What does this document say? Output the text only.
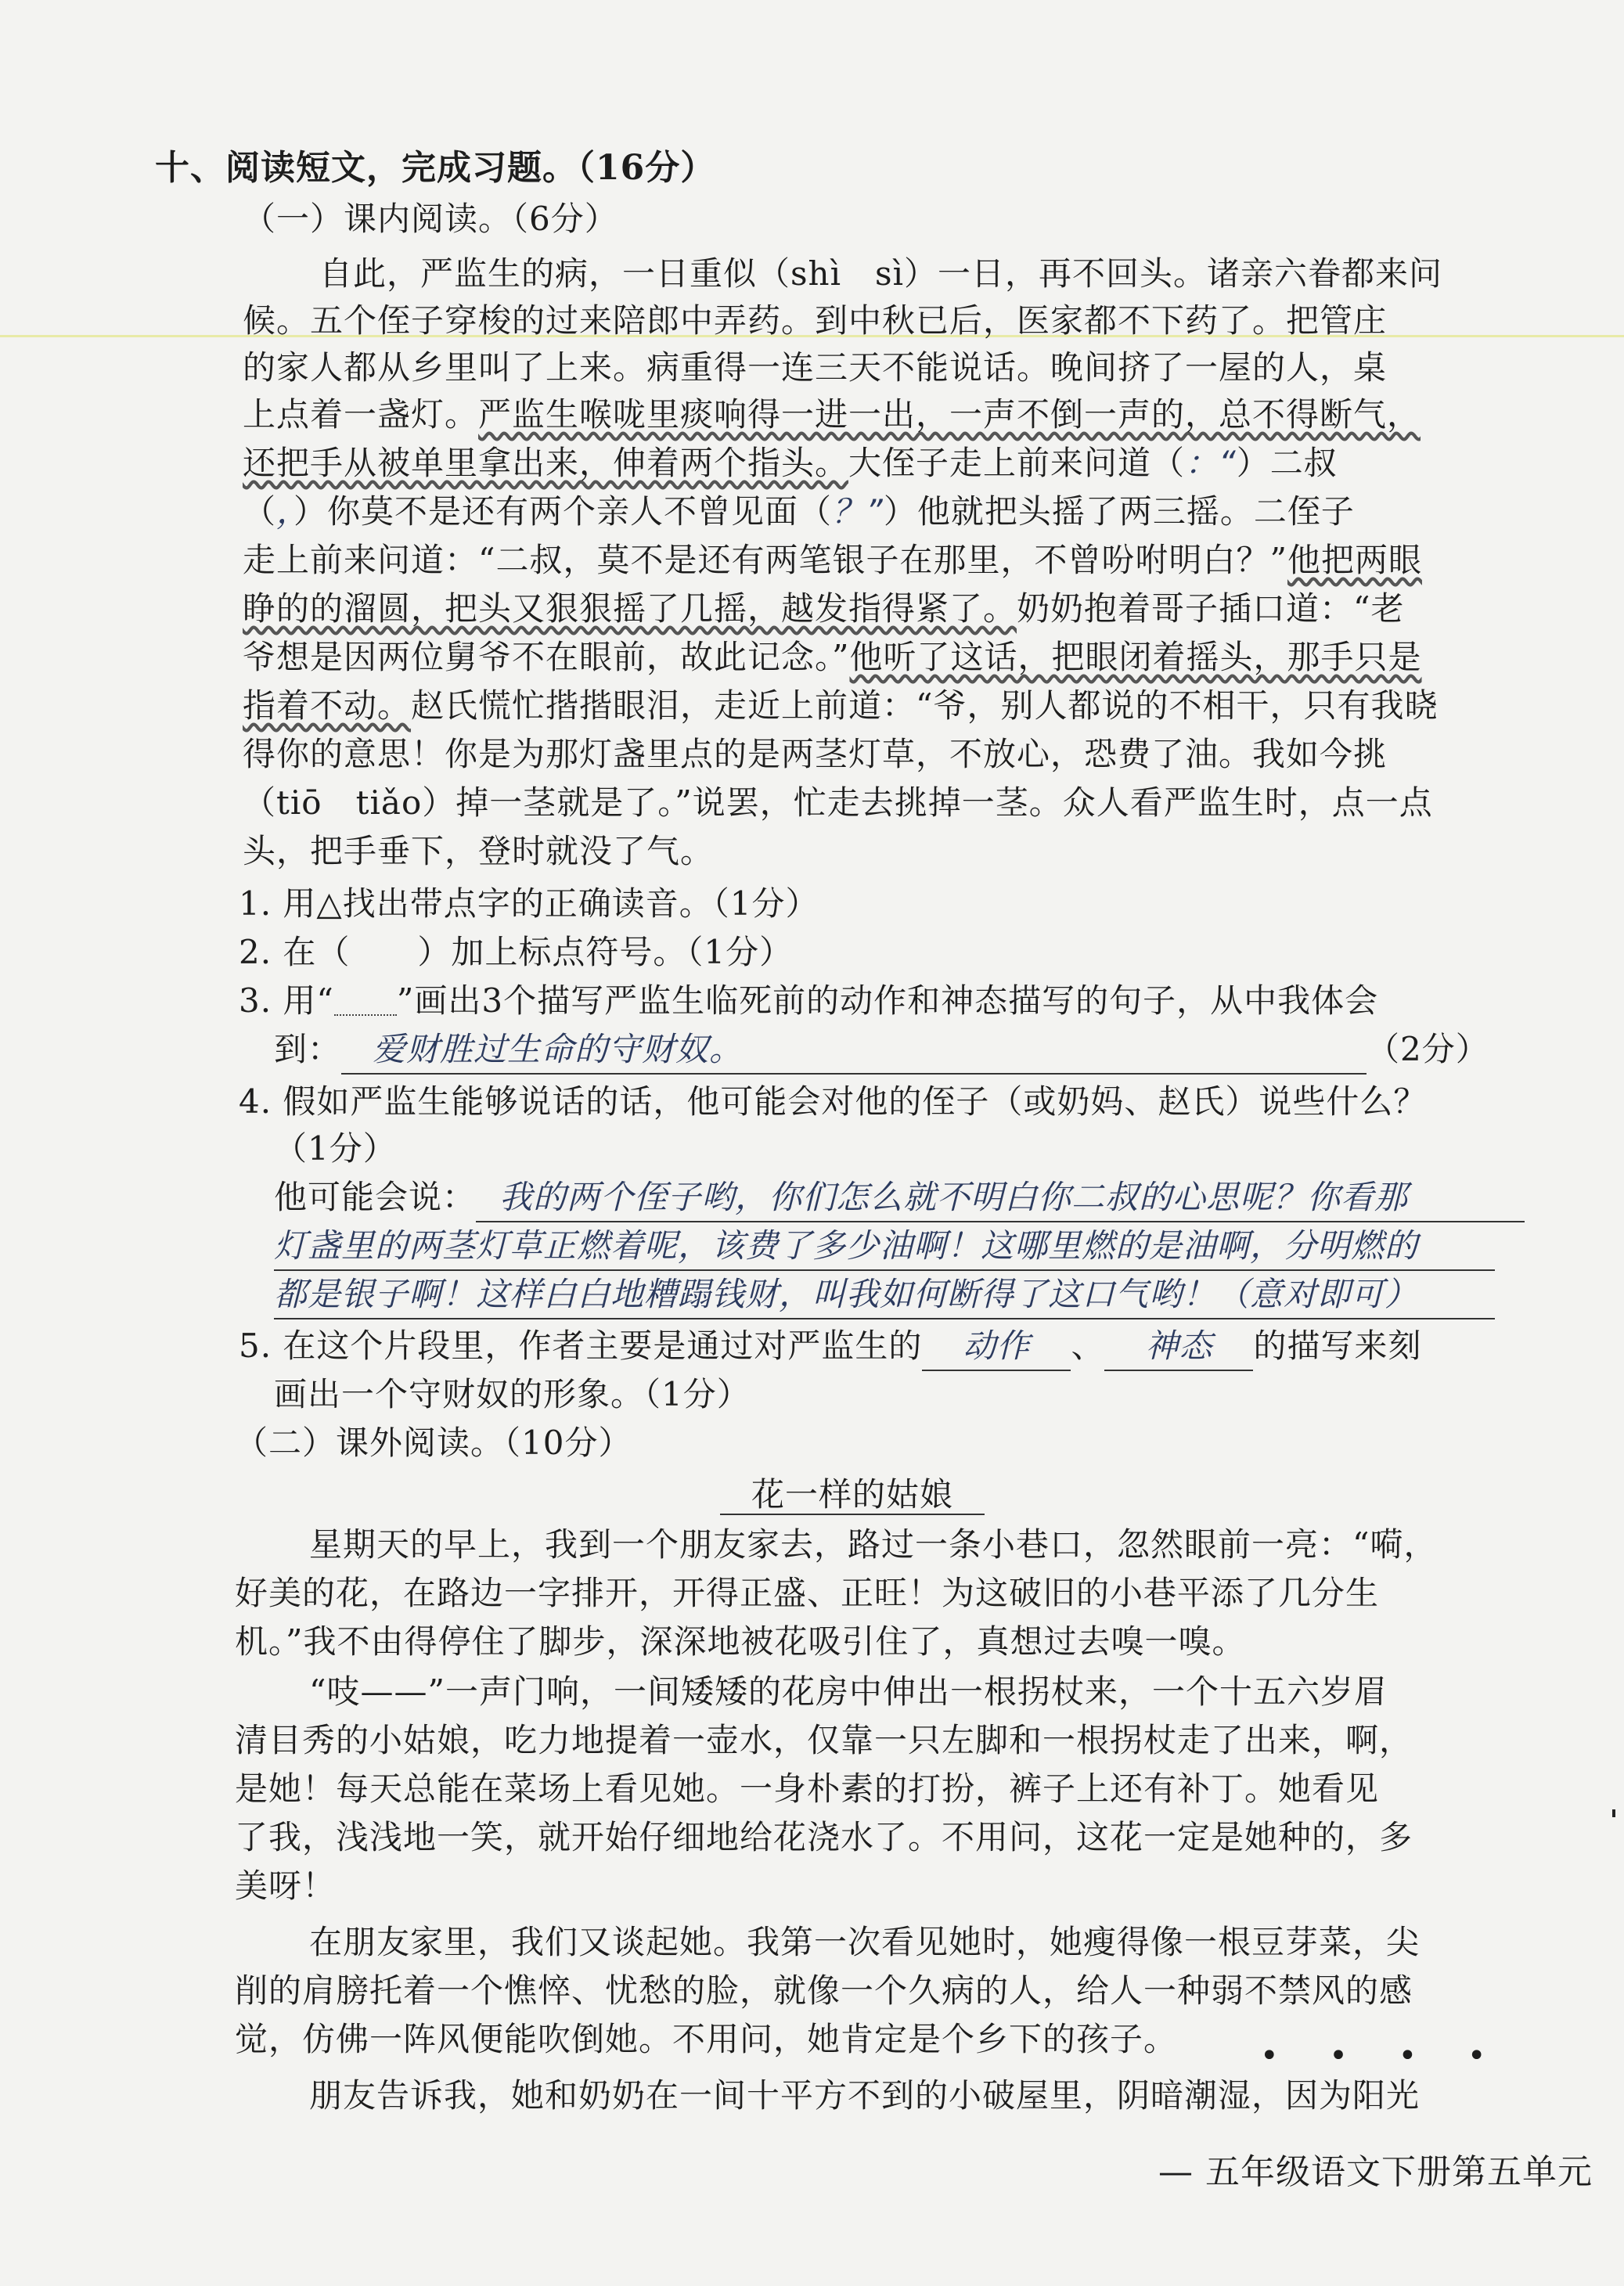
十、阅读短文，完成习题。（16分）
（一）课内阅读。（6分）
自此，严监生的病，一日重似（shì　sì）一日，再不回头。诸亲六眷都来问
候。五个侄子穿梭的过来陪郎中弄药。到中秋已后，医家都不下药了。把管庄
的家人都从乡里叫了上来。病重得一连三天不能说话。晚间挤了一屋的人，桌
上点着一盏灯。严监生喉咙里痰响得一进一出，一声不倒一声的，总不得断气，
还把手从被单里拿出来，伸着两个指头。大侄子走上前来问道（：“）二叔
（，）你莫不是还有两个亲人不曾见面（？”）他就把头摇了两三摇。二侄子
走上前来问道：“二叔，莫不是还有两笔银子在那里，不曾吩咐明白？”他把两眼
睁的的溜圆，把头又狠狠摇了几摇，越发指得紧了。奶奶抱着哥子插口道：“老
爷想是因两位舅爷不在眼前，故此记念。”他听了这话，把眼闭着摇头，那手只是
指着不动。赵氏慌忙揩揩眼泪，走近上前道：“爷，别人都说的不相干，只有我晓
得你的意思！你是为那灯盏里点的是两茎灯草，不放心，恐费了油。我如今挑
（tiō　tiǎo）掉一茎就是了。”说罢，忙走去挑掉一茎。众人看严监生时，点一点
头，把手垂下，登时就没了气。
1. 用△找出带点字的正确读音。（1分）
2. 在（　　）加上标点符号。（1分）
3. 用“ ”画出3个描写严监生临死前的动作和神态描写的句子，从中我体会
到： 爱财胜过生命的守财奴。	（2分）
4. 假如严监生能够说话的话，他可能会对他的侄子（或奶妈、赵氏）说些什么？
（1分）
他可能会说： 我的两个侄子哟，你们怎么就不明白你二叔的心思呢？你看那
灯盏里的两茎灯草正燃着呢，该费了多少油啊！这哪里燃的是油啊，分明燃的
都是银子啊！这样白白地糟蹋钱财，叫我如何断得了这口气哟！（意对即可）
5. 在这个片段里，作者主要是通过对严监生的 动作 、 神态 的描写来刻
画出一个守财奴的形象。（1分）
（二）课外阅读。（10分）
花一样的姑娘
星期天的早上，我到一个朋友家去，路过一条小巷口，忽然眼前一亮：“嗬，
好美的花，在路边一字排开，开得正盛、正旺！为这破旧的小巷平添了几分生
机。”我不由得停住了脚步，深深地被花吸引住了，真想过去嗅一嗅。
“吱——”一声门响，一间矮矮的花房中伸出一根拐杖来，一个十五六岁眉
清目秀的小姑娘，吃力地提着一壶水，仅靠一只左脚和一根拐杖走了出来，啊，
是她！每天总能在菜场上看见她。一身朴素的打扮，裤子上还有补丁。她看见
了我，浅浅地一笑，就开始仔细地给花浇水了。不用问，这花一定是她种的，多
美呀！
在朋友家里，我们又谈起她。我第一次看见她时，她瘦得像一根豆芽菜，尖
削的肩膀托着一个憔悴、忧愁的脸，就像一个久病的人，给人一种弱不禁风的感
觉，仿佛一阵风便能吹倒她。不用问，她肯定是个乡下的孩子。	• • • •
朋友告诉我，她和奶奶在一间十平方不到的小破屋里，阴暗潮湿，因为阳光
— 五年级语文下册第五单元
